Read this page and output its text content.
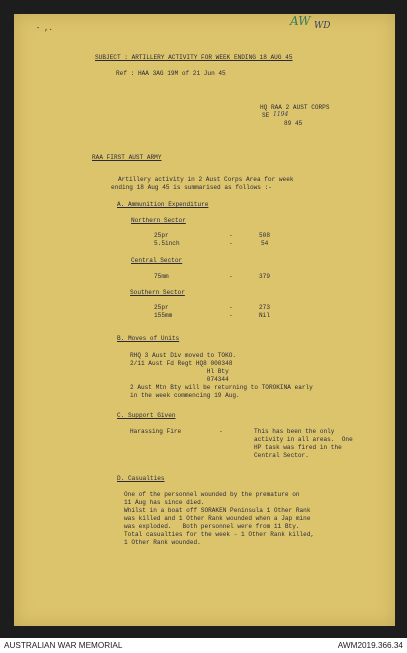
- ,.
AW WD
SUBJECT : ARTILLERY ACTIVITY FOR WEEK ENDING 18 AUG 45
Ref : HAA 3AG 19M of 21 Jun 45
HQ RAA 2 AUST CORPS
SE 1194
89 45
RAA FIRST AUST ARMY
Artillery activity in 2 Aust Corps Area for week
ending 18 Aug 45 is summarised as follows :-
A. Ammunition Expenditure
Northern Sector
25pr	-	508
5.5inch	-	54
Central Sector
75mm	-	379
Southern Sector
25pr	-	273
155mm	-	Nil
B. Moves of Units
RHQ 3 Aust Div moved to TOKO.
2/11 Aust Fd Regt HQ8 000348
Hl Bty
074344
2 Aust Mtn Bty will be returning to TOROKINA early
in the week commencing 19 Aug.
C. Support Given
Harassing Fire	-	This has been the only
activity in all areas.  One
HP task was fired in the
Central Sector.
D. Casualties
One of the personnel wounded by the premature on
11 Aug has since died.
Whilst in a boat off SORAKEN Peninsula 1 Other Rank
was killed and 1 Other Rank wounded when a Jap mine
was exploded.   Both personnel were from 11 Bty.
Total casualties for the week - 1 Other Rank killed,
1 Other Rank wounded.
AUSTRALIAN WAR MEMORIAL	AWM2019.366.34
